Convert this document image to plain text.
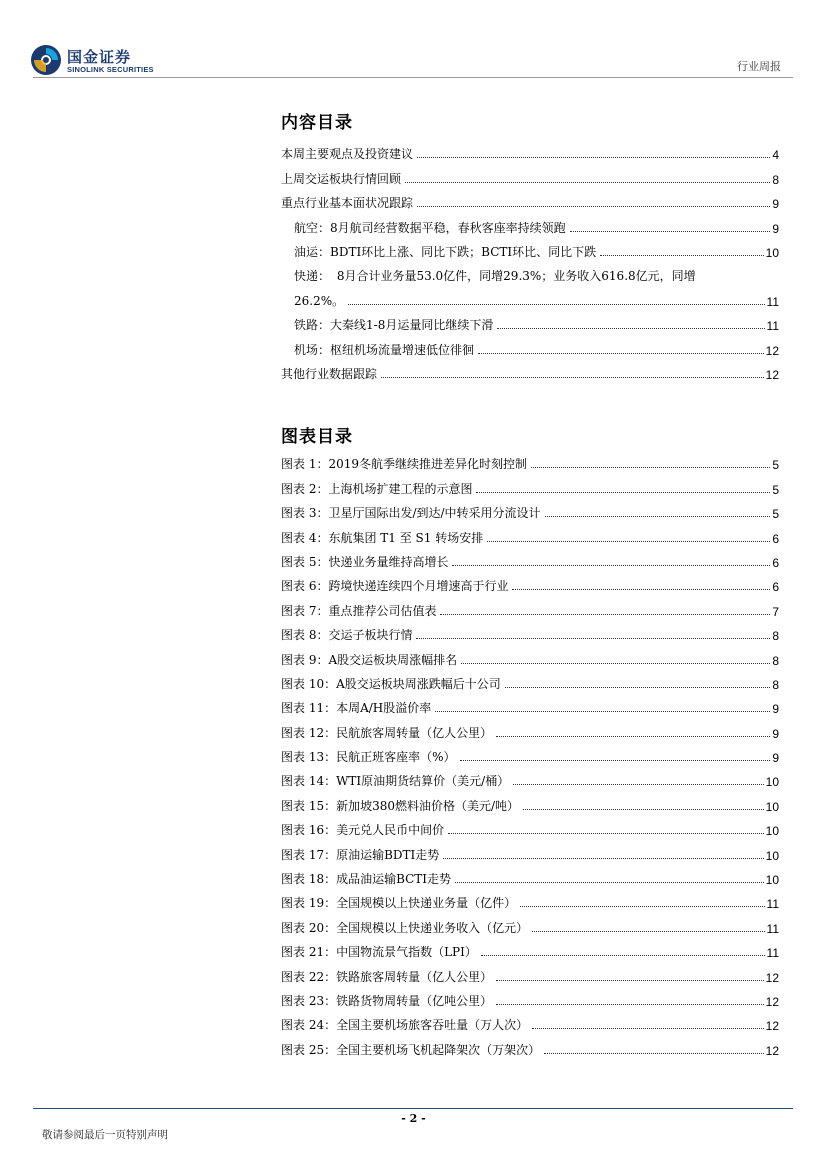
国金证券
SINOLINK SECURITIES	行业周报
内容目录
本周主要观点及投资建议	4
上周交运板块行情回顾	8
重点行业基本面状况跟踪	9
航空：8月航司经营数据平稳，春秋客座率持续领跑	9
油运：BDTI环比上涨、同比下跌；BCTI环比、同比下跌	10
快递： 8月合计业务量53.0亿件，同增29.3%；业务收入616.8亿元，同增
26.2%。	11
铁路：大秦线1-8月运量同比继续下滑	11
机场：枢纽机场流量增速低位徘徊	12
其他行业数据跟踪	12
图表目录
图表 1：2019冬航季继续推进差异化时刻控制	5
图表 2：上海机场扩建工程的示意图	5
图表 3：卫星厅国际出发/到达/中转采用分流设计	5
图表 4：东航集团 T1 至 S1 转场安排	6
图表 5：快递业务量维持高增长	6
图表 6：跨境快递连续四个月增速高于行业	6
图表 7：重点推荐公司估值表	7
图表 8：交运子板块行情	8
图表 9：A股交运板块周涨幅排名	8
图表 10：A股交运板块周涨跌幅后十公司	8
图表 11：本周A/H股溢价率	9
图表 12：民航旅客周转量（亿人公里）	9
图表 13：民航正班客座率（%）	9
图表 14：WTI原油期货结算价（美元/桶）	10
图表 15：新加坡380燃料油价格（美元/吨）	10
图表 16：美元兑人民币中间价	10
图表 17：原油运输BDTI走势	10
图表 18：成品油运输BCTI走势	10
图表 19：全国规模以上快递业务量（亿件）	11
图表 20：全国规模以上快递业务收入（亿元）	11
图表 21：中国物流景气指数（LPI）	11
图表 22：铁路旅客周转量（亿人公里）	12
图表 23：铁路货物周转量（亿吨公里）	12
图表 24：全国主要机场旅客吞吐量（万人次）	12
图表 25：全国主要机场飞机起降架次（万架次）	12
- 2 -
敬请参阅最后一页特别声明
